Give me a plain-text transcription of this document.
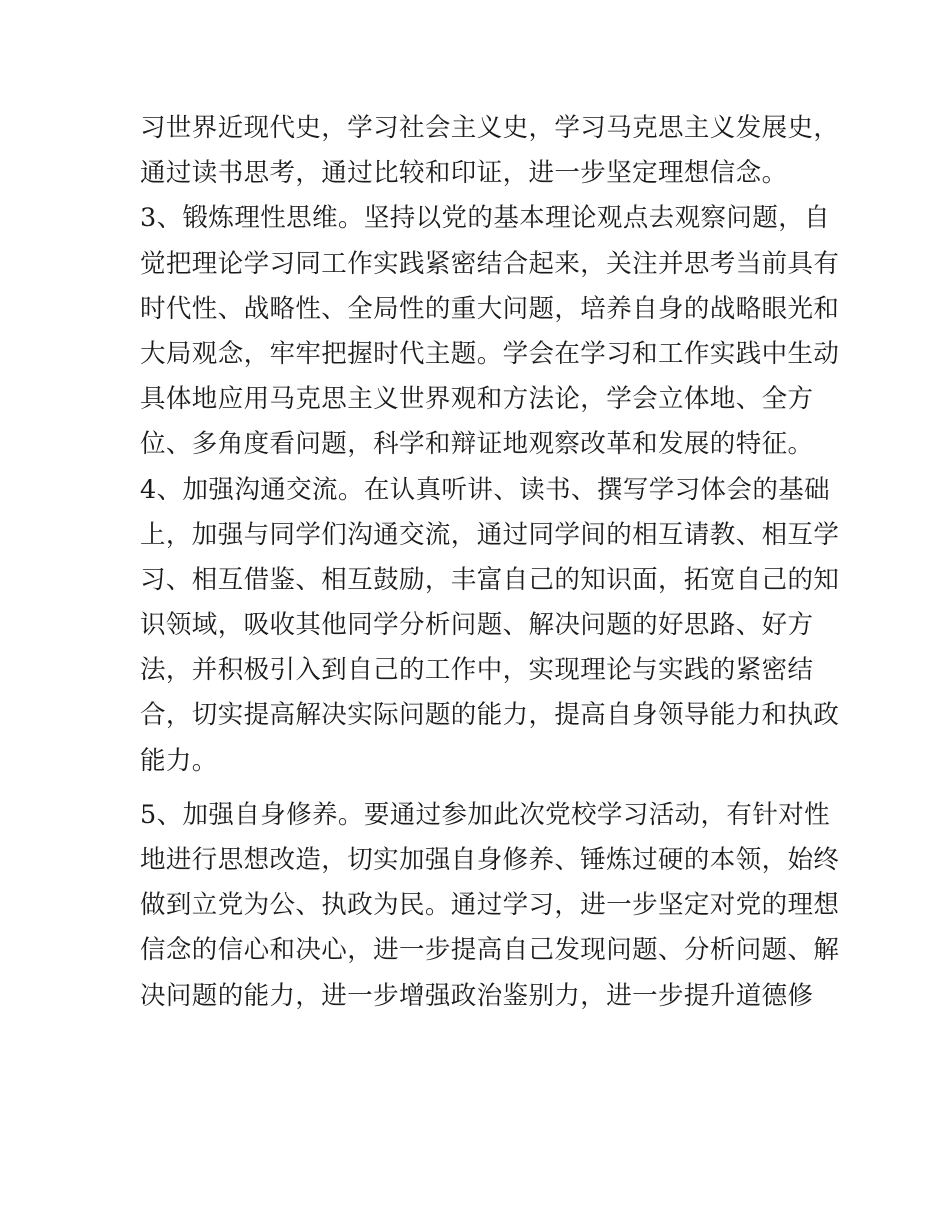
习世界近现代史，学习社会主义史，学习马克思主义发展史，
通过读书思考，通过比较和印证，进一步坚定理想信念。
3、锻炼理性思维。坚持以党的基本理论观点去观察问题，自
觉把理论学习同工作实践紧密结合起来，关注并思考当前具有
时代性、战略性、全局性的重大问题，培养自身的战略眼光和
大局观念，牢牢把握时代主题。学会在学习和工作实践中生动
具体地应用马克思主义世界观和方法论，学会立体地、全方
位、多角度看问题，科学和辩证地观察改革和发展的特征。
4、加强沟通交流。在认真听讲、读书、撰写学习体会的基础
上，加强与同学们沟通交流，通过同学间的相互请教、相互学
习、相互借鉴、相互鼓励，丰富自己的知识面，拓宽自己的知
识领域，吸收其他同学分析问题、解决问题的好思路、好方
法，并积极引入到自己的工作中，实现理论与实践的紧密结
合，切实提高解决实际问题的能力，提高自身领导能力和执政
能力。
5、加强自身修养。要通过参加此次党校学习活动，有针对性
地进行思想改造，切实加强自身修养、锤炼过硬的本领，始终
做到立党为公、执政为民。通过学习，进一步坚定对党的理想
信念的信心和决心，进一步提高自己发现问题、分析问题、解
决问题的能力，进一步增强政治鉴别力，进一步提升道德修
